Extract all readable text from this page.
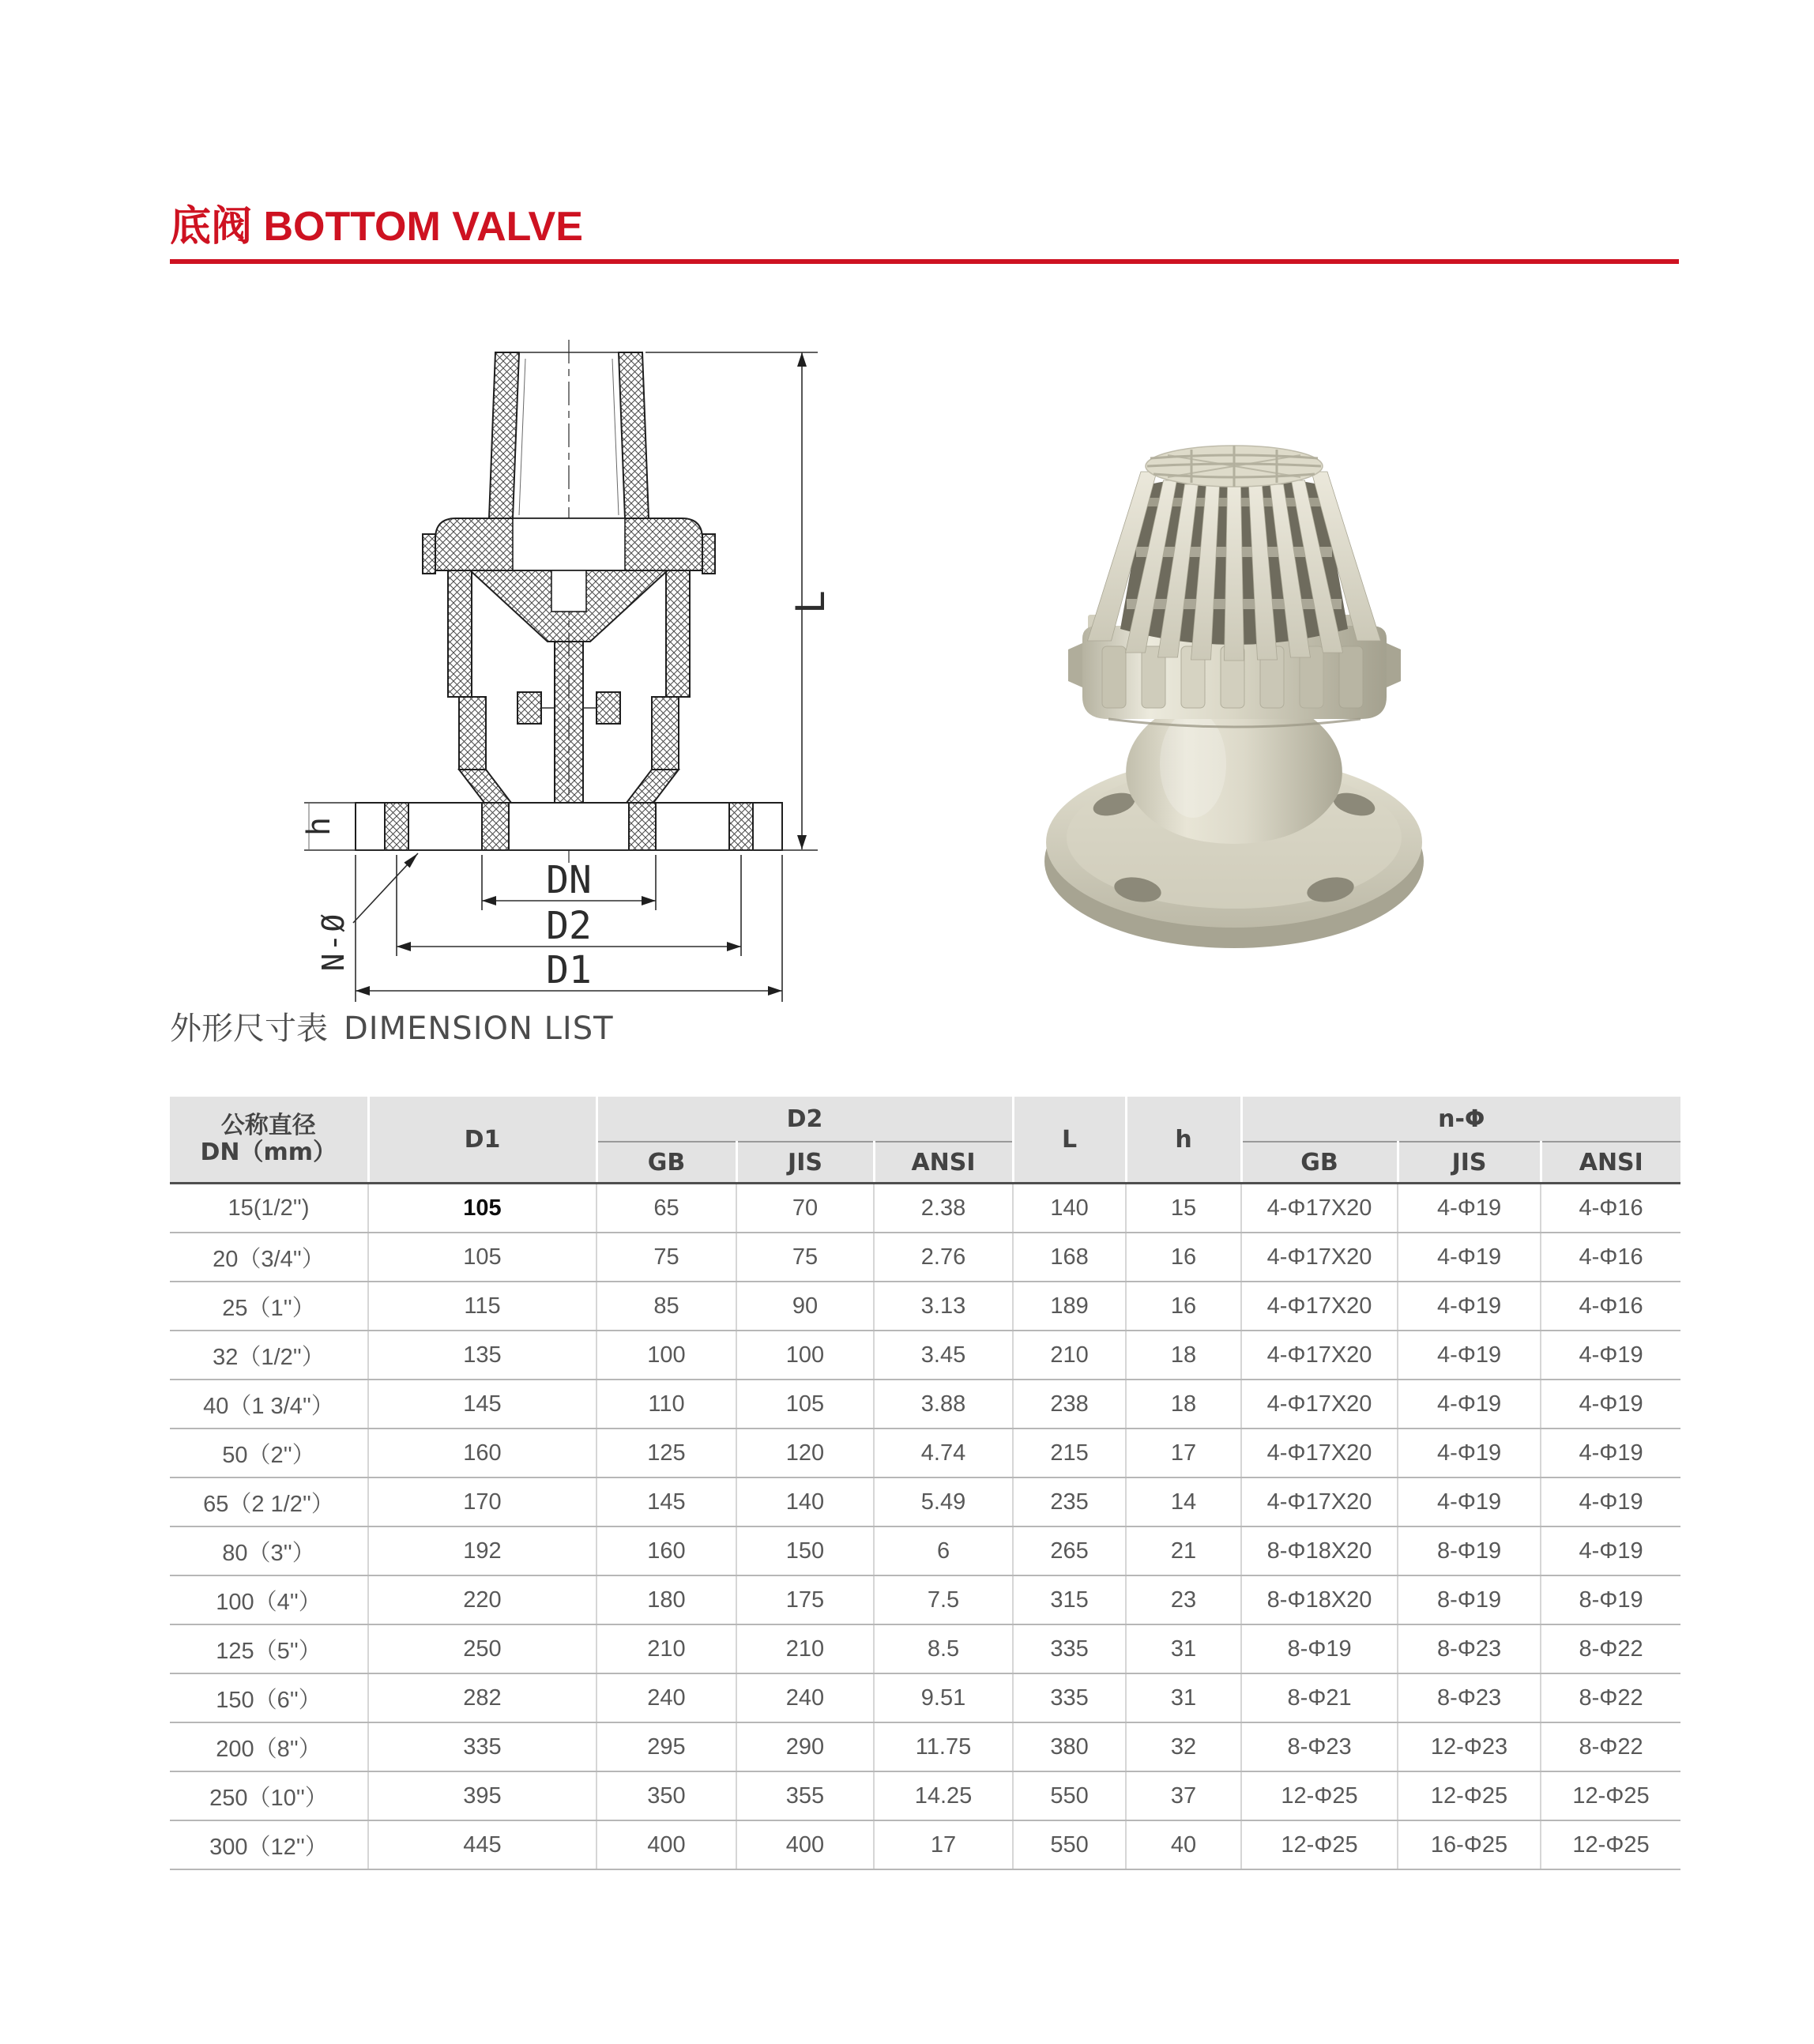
底阀 BOTTOM VALVE
L
h
N-Ø
DN
D2
D1
外形尺寸表 DIMENSION LIST
公称直径
DN（mm）	D1	D2			L	h	n-Φ		
		GB	JIS	ANSI			GB	JIS	ANSI
15(1/2'')	105	65	70	2.38	140	15	4-Φ17X20	4-Φ19	4-Φ16
20（3/4''）	105	75	75	2.76	168	16	4-Φ17X20	4-Φ19	4-Φ16
25（1''）	115	85	90	3.13	189	16	4-Φ17X20	4-Φ19	4-Φ16
32（1/2''）	135	100	100	3.45	210	18	4-Φ17X20	4-Φ19	4-Φ19
40（1 3/4''）	145	110	105	3.88	238	18	4-Φ17X20	4-Φ19	4-Φ19
50（2''）	160	125	120	4.74	215	17	4-Φ17X20	4-Φ19	4-Φ19
65（2 1/2''）	170	145	140	5.49	235	14	4-Φ17X20	4-Φ19	4-Φ19
80（3''）	192	160	150	6	265	21	8-Φ18X20	8-Φ19	4-Φ19
100（4''）	220	180	175	7.5	315	23	8-Φ18X20	8-Φ19	8-Φ19
125（5''）	250	210	210	8.5	335	31	8-Φ19	8-Φ23	8-Φ22
150（6''）	282	240	240	9.51	335	31	8-Φ21	8-Φ23	8-Φ22
200（8''）	335	295	290	11.75	380	32	8-Φ23	12-Φ23	8-Φ22
250（10''）	395	350	355	14.25	550	37	12-Φ25	12-Φ25	12-Φ25
300（12''）	445	400	400	17	550	40	12-Φ25	16-Φ25	12-Φ25
